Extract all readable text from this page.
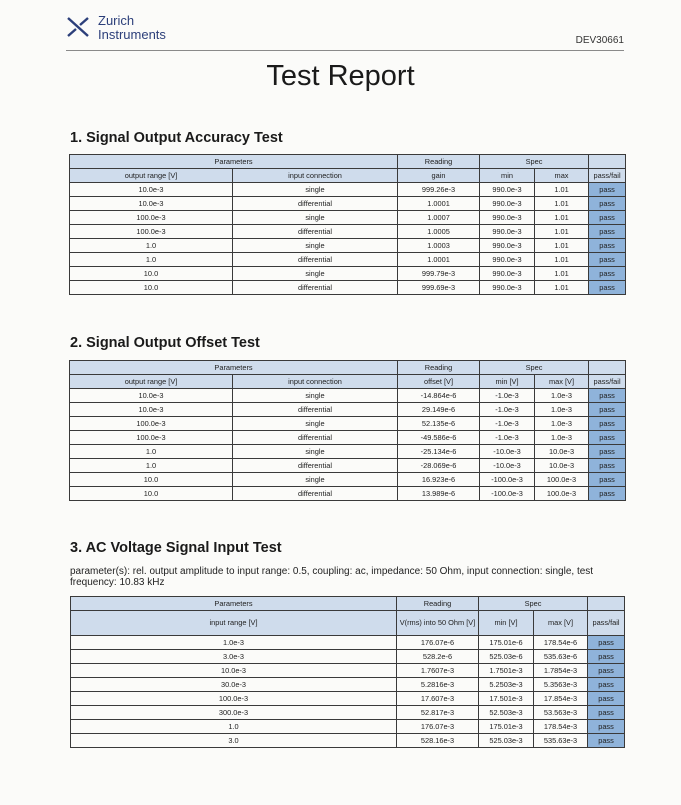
Zurich
Instruments	DEV30661
Test Report
1. Signal Output Accuracy Test
Parameters		Reading	Spec		
output range [V]	input connection	gain	min	max	pass/fail
10.0e-3	single	999.26e-3	990.0e-3	1.01	pass
10.0e-3	differential	1.0001	990.0e-3	1.01	pass
100.0e-3	single	1.0007	990.0e-3	1.01	pass
100.0e-3	differential	1.0005	990.0e-3	1.01	pass
1.0	single	1.0003	990.0e-3	1.01	pass
1.0	differential	1.0001	990.0e-3	1.01	pass
10.0	single	999.79e-3	990.0e-3	1.01	pass
10.0	differential	999.69e-3	990.0e-3	1.01	pass
2. Signal Output Offset Test
Parameters		Reading	Spec		
output range [V]	input connection	offset [V]	min [V]	max [V]	pass/fail
10.0e-3	single	-14.864e-6	-1.0e-3	1.0e-3	pass
10.0e-3	differential	29.149e-6	-1.0e-3	1.0e-3	pass
100.0e-3	single	52.135e-6	-1.0e-3	1.0e-3	pass
100.0e-3	differential	-49.586e-6	-1.0e-3	1.0e-3	pass
1.0	single	-25.134e-6	-10.0e-3	10.0e-3	pass
1.0	differential	-28.069e-6	-10.0e-3	10.0e-3	pass
10.0	single	16.923e-6	-100.0e-3	100.0e-3	pass
10.0	differential	13.989e-6	-100.0e-3	100.0e-3	pass
3. AC Voltage Signal Input Test

parameter(s): rel. output amplitude to input range: 0.5, coupling: ac, impedance: 50 Ohm, input connection: single, test frequency: 10.83 kHz

Parameters	Reading	Spec		
input range [V]	V(rms) into 50 Ohm [V]	min [V]	max [V]	pass/fail
1.0e-3	176.07e-6	175.01e-6	178.54e-6	pass
3.0e-3	528.2e-6	525.03e-6	535.63e-6	pass
10.0e-3	1.7607e-3	1.7501e-3	1.7854e-3	pass
30.0e-3	5.2816e-3	5.2503e-3	5.3563e-3	pass
100.0e-3	17.607e-3	17.501e-3	17.854e-3	pass
300.0e-3	52.817e-3	52.503e-3	53.563e-3	pass
1.0	176.07e-3	175.01e-3	178.54e-3	pass
3.0	528.16e-3	525.03e-3	535.63e-3	pass
